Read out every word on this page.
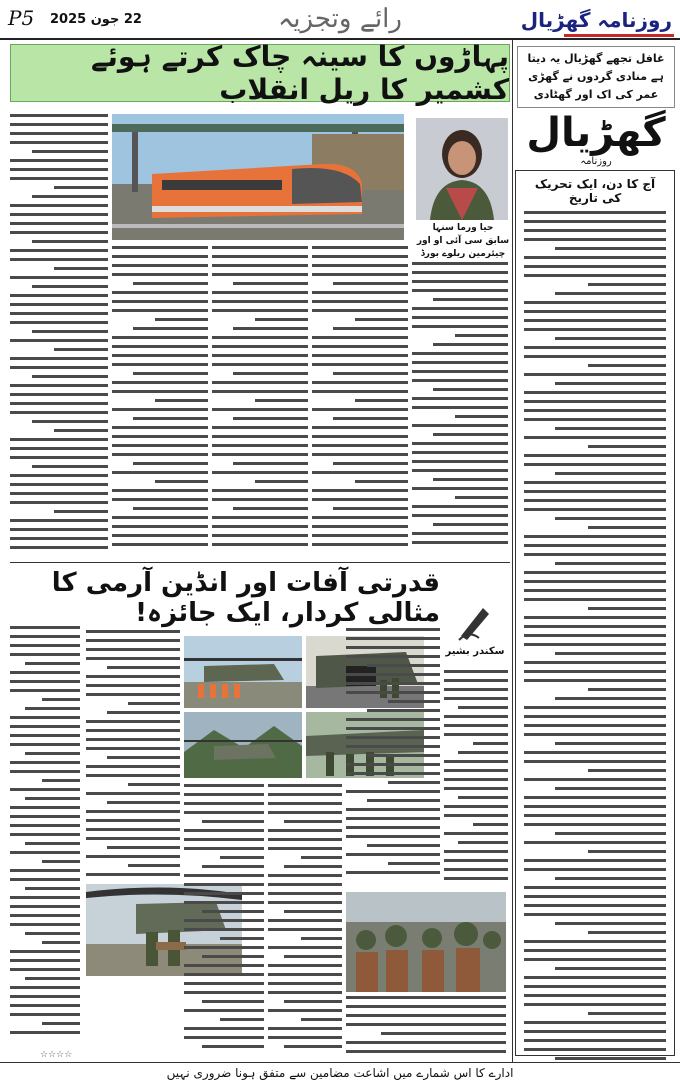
P5 22 جون 2025	رائے وتجزیہ	روزنامہ گھڑیال
پہاڑوں کا سینہ چاک کرتے ہوئے کشمیر کا ریل انقلاب
غافل تجھے گھڑیال یہ دیتا ہے منادی گردوں نے گھڑی عمر کی اک اور گھٹادی
گھڑیال $^{روزنامہ}$
آج کا دن، ایک تحریک کی تاریخ
حیا ورما سنہا
سابق سی آئی او اور چیئرمین ریلوے بورڈ
قدرتی آفات اور انڈین آرمی کا مثالی کردار، ایک جائزہ!
سکندر بشیر
☆☆☆☆
ادارے کا اس شمارے میں اشاعت مضامین سے متفق ہونا ضروری نہیں
